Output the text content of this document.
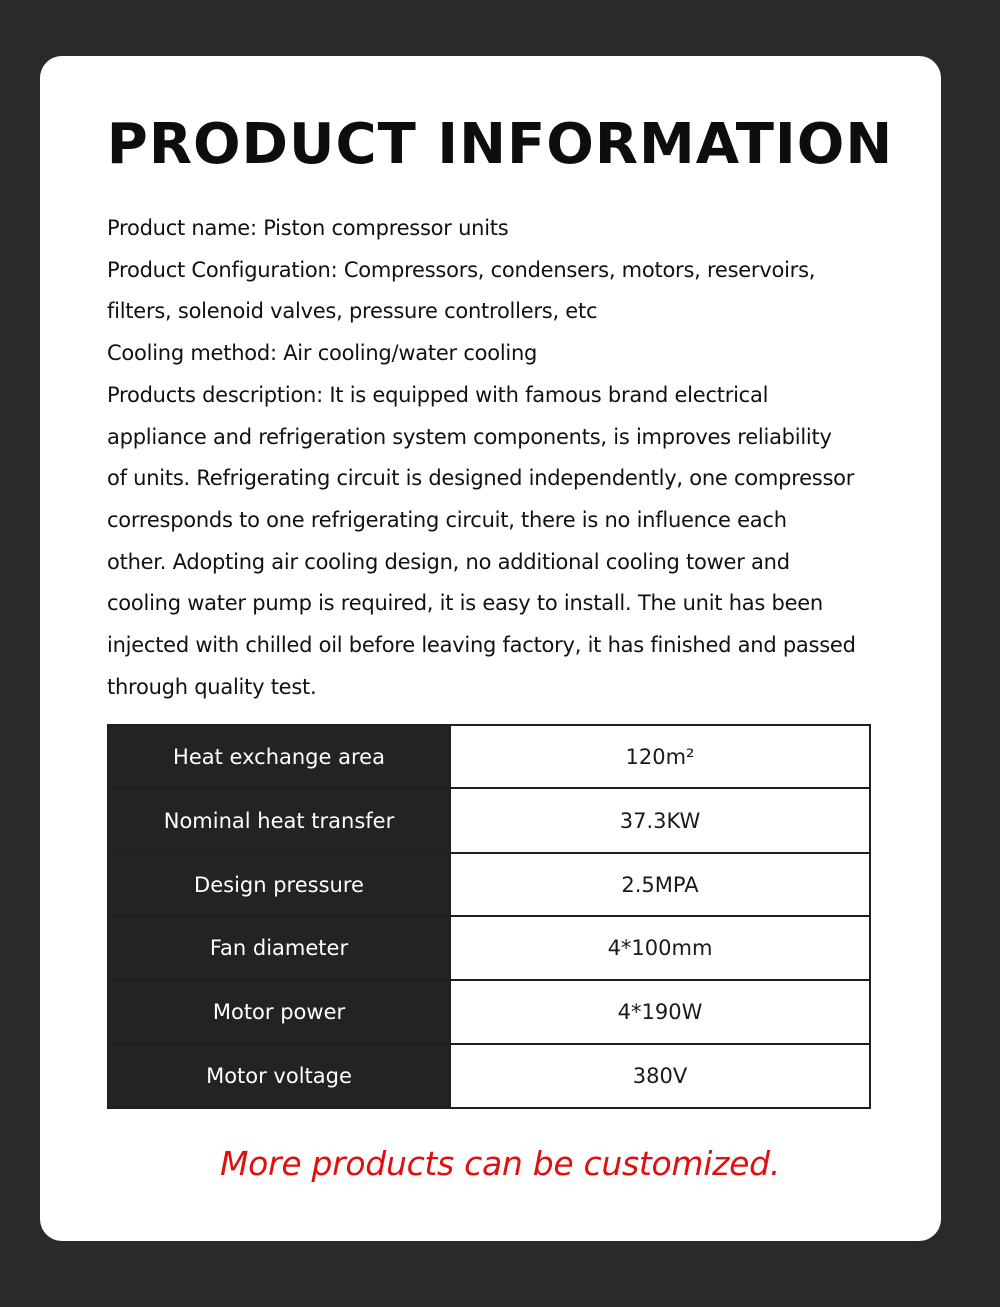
PRODUCT INFORMATION
Product name: Piston compressor units
Product Configuration: Compressors, condensers, motors, reservoirs,
filters, solenoid valves, pressure controllers, etc
Cooling method: Air cooling/water cooling
Products description: It is equipped with famous brand electrical
appliance and refrigeration system components, is improves reliability
of units. Refrigerating circuit is designed independently, one compressor
corresponds to one refrigerating circuit, there is no influence each
other. Adopting air cooling design, no additional cooling tower and
cooling water pump is required, it is easy to install. The unit has been
injected with chilled oil before leaving factory, it has finished and passed
through quality test.
Heat exchange area	120m²
Nominal heat transfer	37.3KW
Design pressure	2.5MPA
Fan diameter	4*100mm
Motor power	4*190W
Motor voltage	380V
More products can be customized.
